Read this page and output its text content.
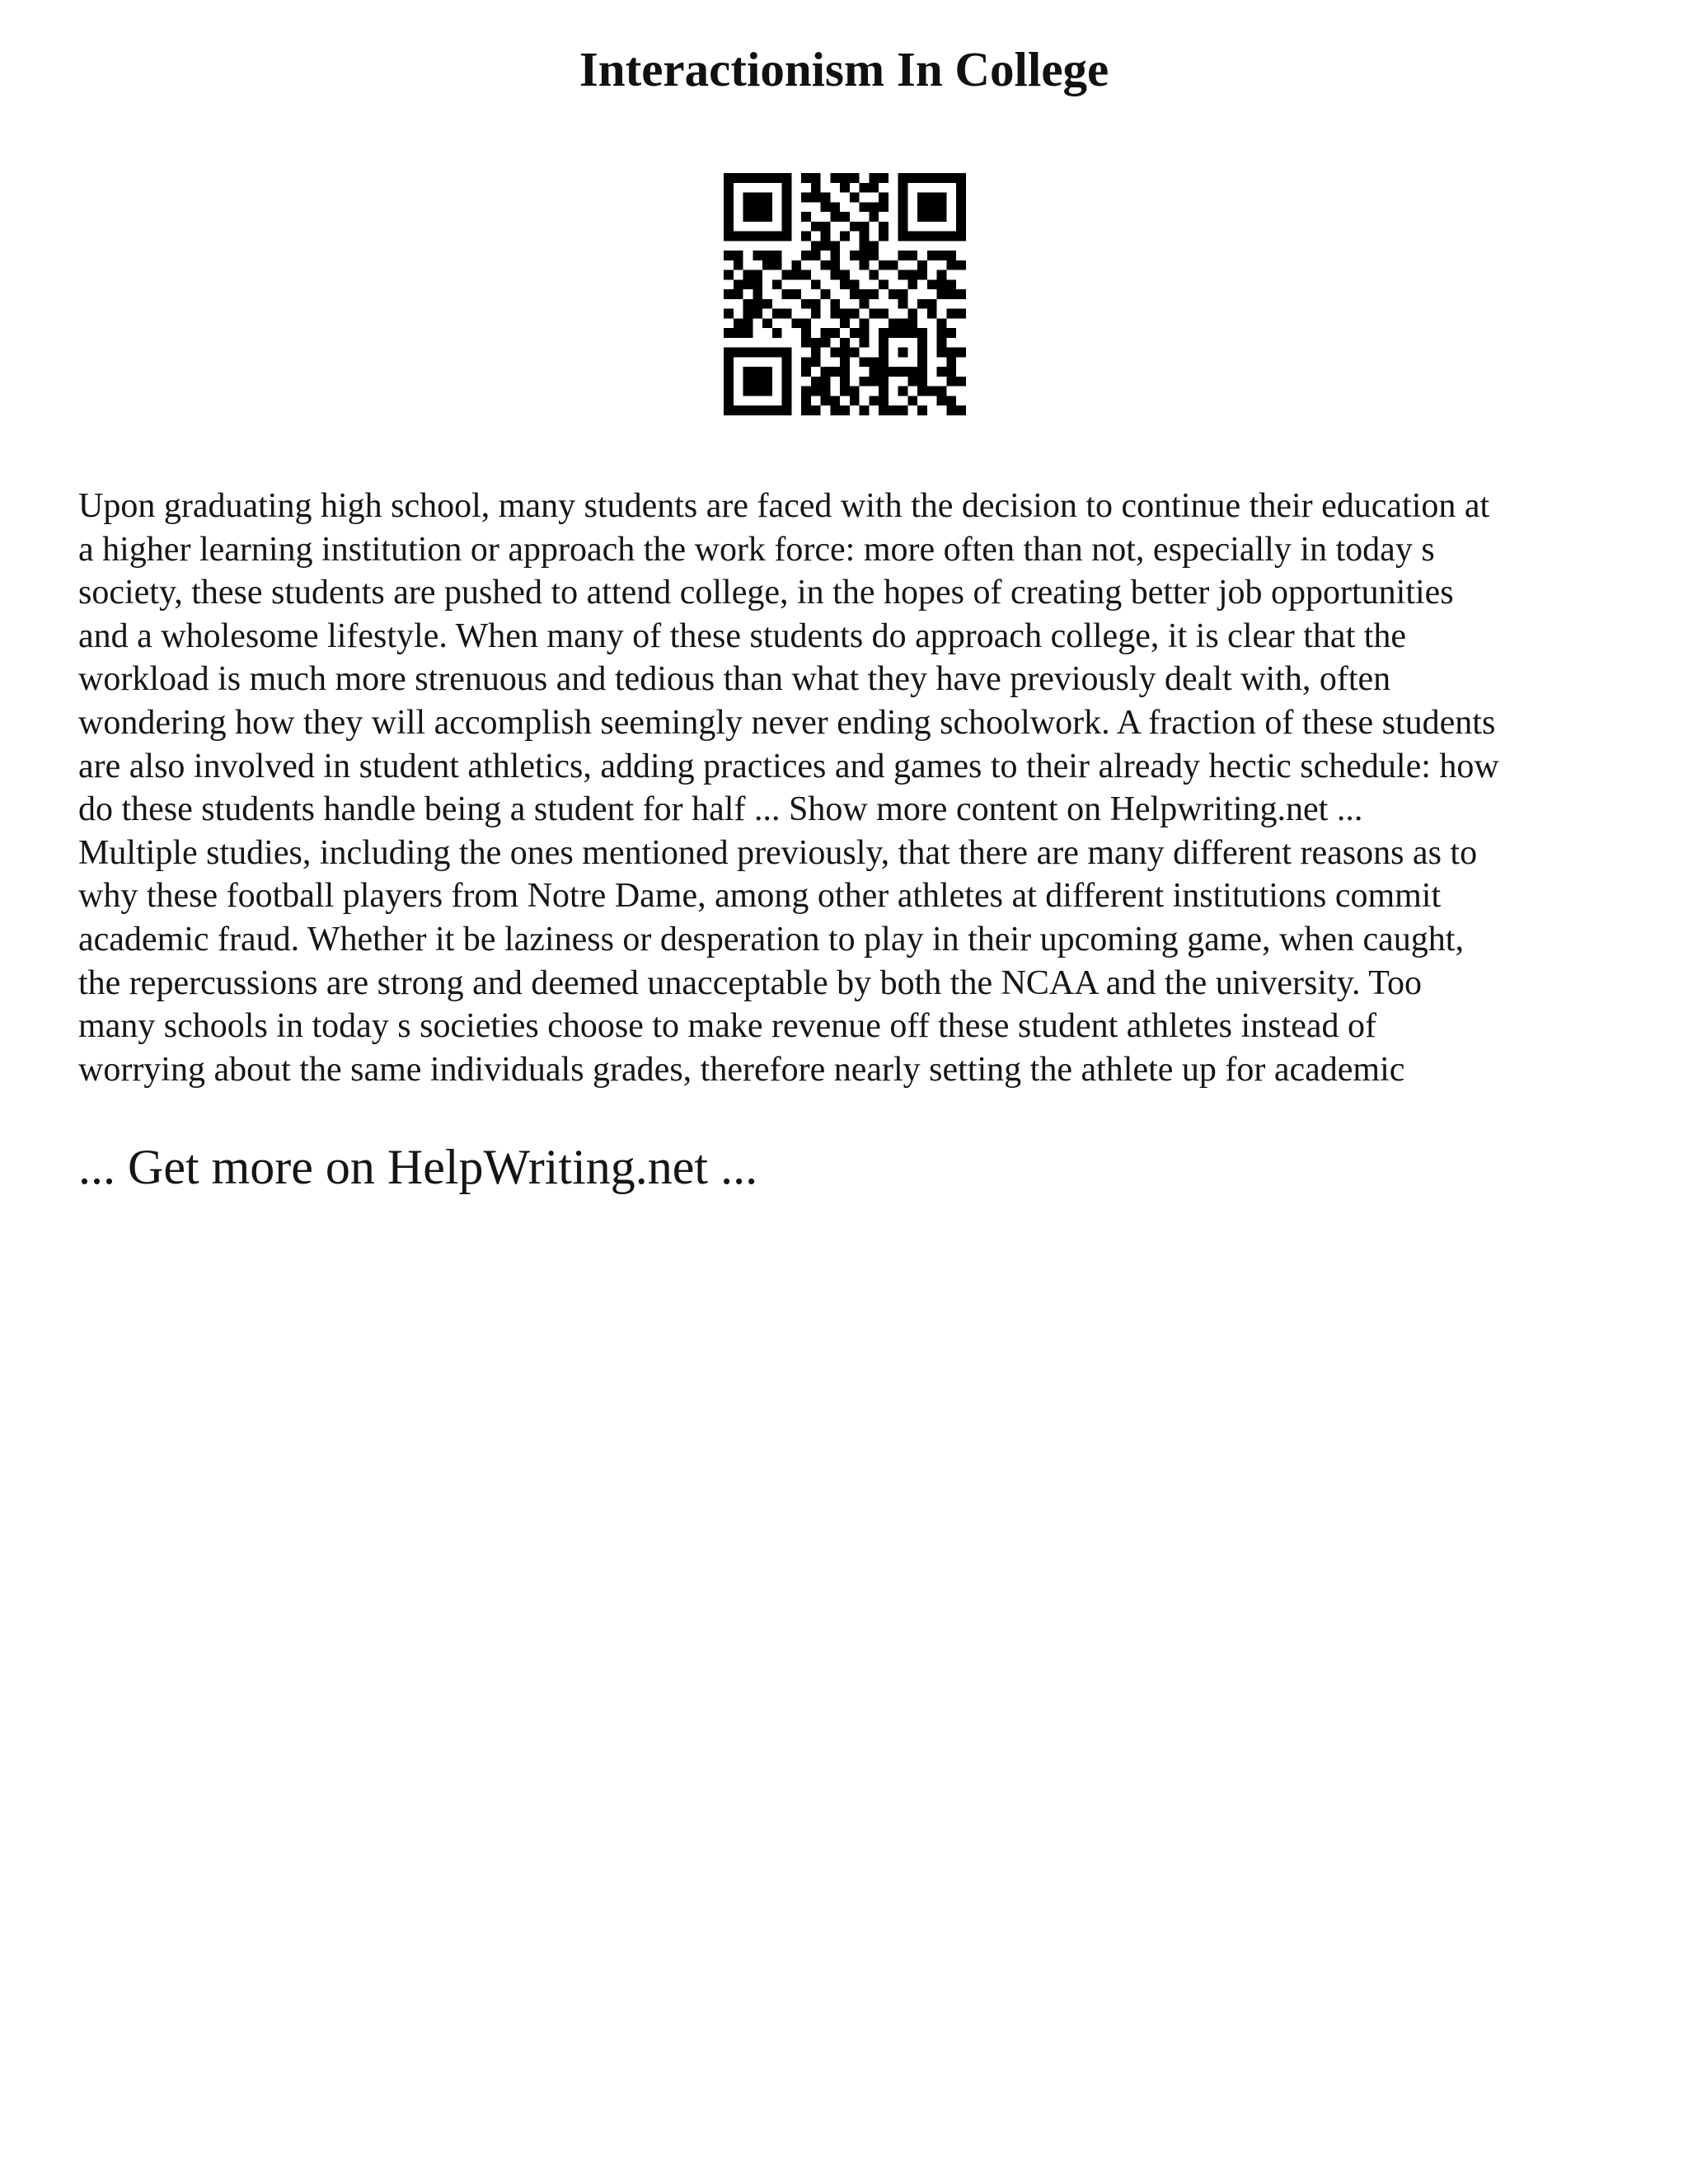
Interactionism In College
Upon graduating high school, many students are faced with the decision to continue their education at
a higher learning institution or approach the work force: more often than not, especially in today s
society, these students are pushed to attend college, in the hopes of creating better job opportunities
and a wholesome lifestyle. When many of these students do approach college, it is clear that the
workload is much more strenuous and tedious than what they have previously dealt with, often
wondering how they will accomplish seemingly never ending schoolwork. A fraction of these students
are also involved in student athletics, adding practices and games to their already hectic schedule: how
do these students handle being a student for half ... Show more content on Helpwriting.net ...
Multiple studies, including the ones mentioned previously, that there are many different reasons as to
why these football players from Notre Dame, among other athletes at different institutions commit
academic fraud. Whether it be laziness or desperation to play in their upcoming game, when caught,
the repercussions are strong and deemed unacceptable by both the NCAA and the university. Too
many schools in today s societies choose to make revenue off these student athletes instead of
worrying about the same individuals grades, therefore nearly setting the athlete up for academic

... Get more on HelpWriting.net ...
